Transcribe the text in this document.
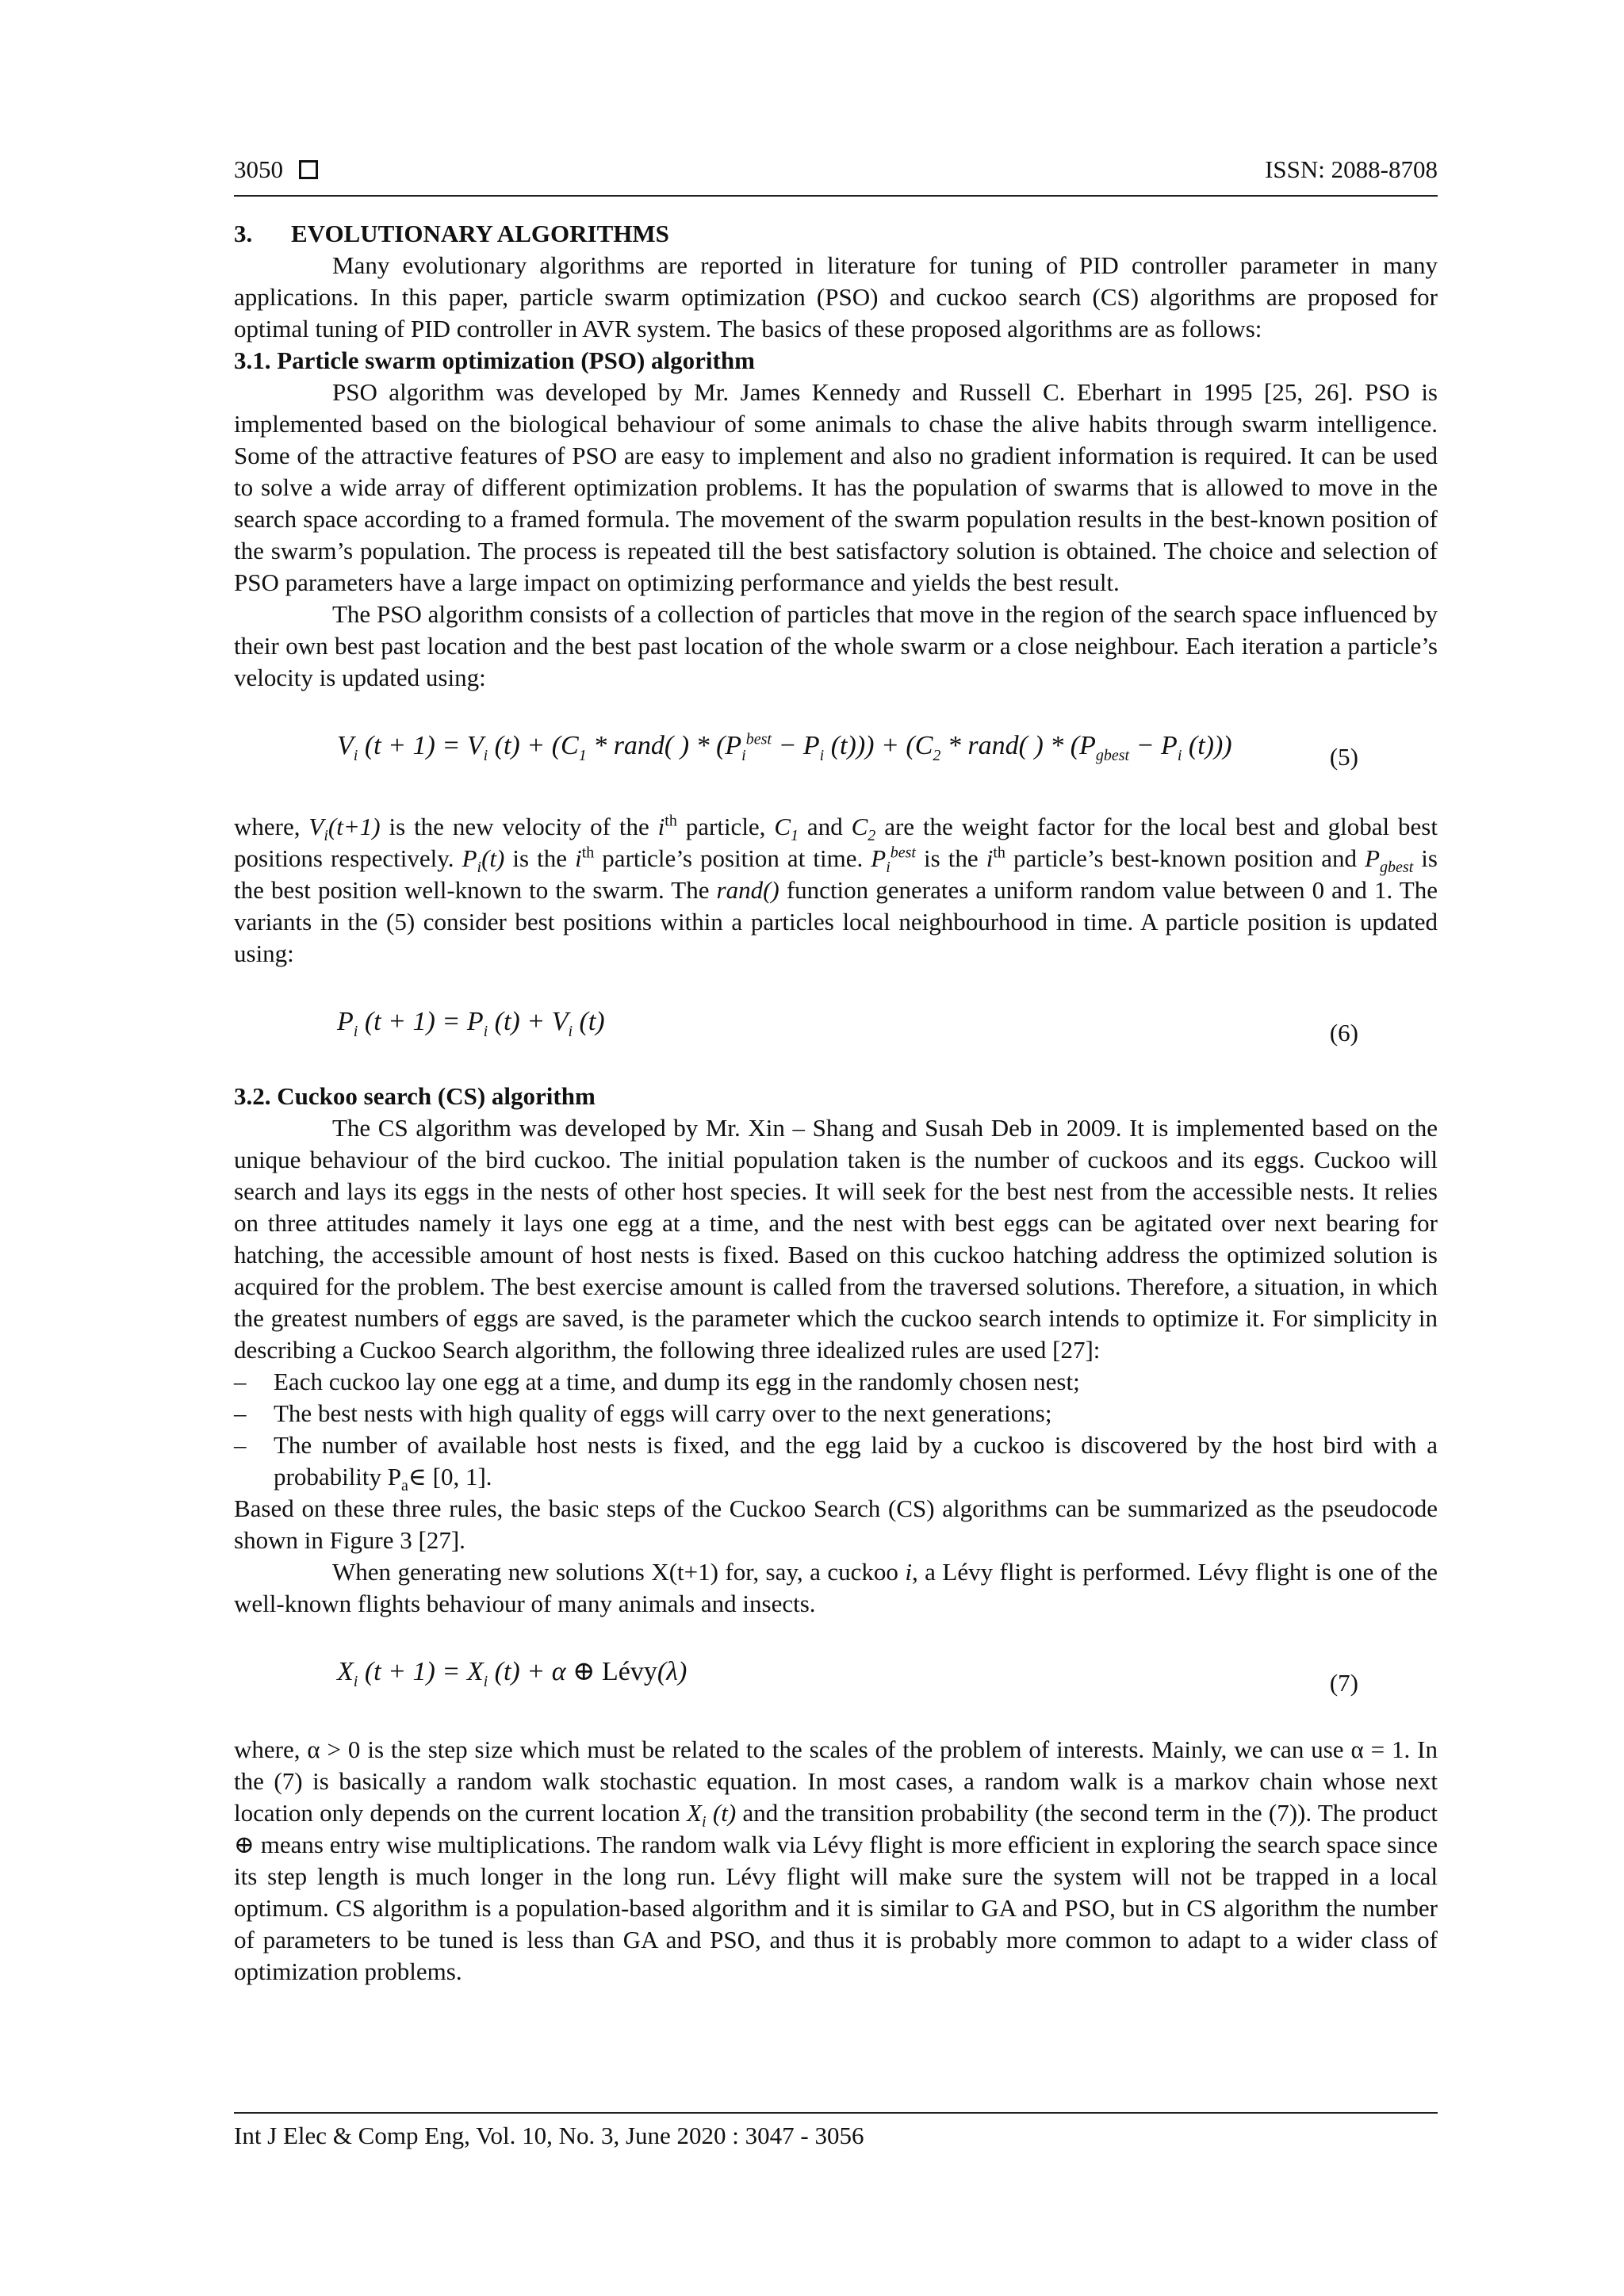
3050	ISSN: 2088-8708

3. EVOLUTIONARY ALGORITHMS

Many evolutionary algorithms are reported in literature for tuning of PID controller parameter in many applications. In this paper, particle swarm optimization (PSO) and cuckoo search (CS) algorithms are proposed for optimal tuning of PID controller in AVR system. The basics of these proposed algorithms are as follows:

3.1. Particle swarm optimization (PSO) algorithm

PSO algorithm was developed by Mr. James Kennedy and Russell C. Eberhart in 1995 [25, 26]. PSO is implemented based on the biological behaviour of some animals to chase the alive habits through swarm intelligence. Some of the attractive features of PSO are easy to implement and also no gradient information is required. It can be used to solve a wide array of different optimization problems. It has the population of swarms that is allowed to move in the search space according to a framed formula. The movement of the swarm population results in the best-known position of the swarm’s population. The process is repeated till the best satisfactory solution is obtained. The choice and selection of PSO parameters have a large impact on optimizing performance and yields the best result.

The PSO algorithm consists of a collection of particles that move in the region of the search space influenced by their own best past location and the best past location of the whole swarm or a close neighbour. Each iteration a particle’s velocity is updated using:

$V_i$ $(t + 1) = V_i$ $(t) + (C_1$ * rand( ) * ($P_i^{best} - P_i$ $(t))) + (C_2$ * rand( ) * ($P_{gbest} - P_i$ (t)))	(5)

where, $V_i(t+1)$ is the new velocity of the $i^{th}$ particle, $C_1$ and $C_2$ are the weight factor for the local best and global best positions respectively. $P_i(t)$ is the $i^{th}$ particle’s position at time. $P_i^{best}$ is the $i^{th}$ particle’s best-known position and $P_{gbest}$ is the best position well-known to the swarm. The rand() function generates a uniform random value between 0 and 1. The variants in the (5) consider best positions within a particles local neighbourhood in time. A particle position is updated using:

$P_i$ $(t + 1) = P_i$ $(t) + V_i$ (t)	(6)

3.2. Cuckoo search (CS) algorithm

The CS algorithm was developed by Mr. Xin – Shang and Susah Deb in 2009. It is implemented based on the unique behaviour of the bird cuckoo. The initial population taken is the number of cuckoos and its eggs. Cuckoo will search and lays its eggs in the nests of other host species. It will seek for the best nest from the accessible nests. It relies on three attitudes namely it lays one egg at a time, and the nest with best eggs can be agitated over next bearing for hatching, the accessible amount of host nests is fixed. Based on this cuckoo hatching address the optimized solution is acquired for the problem. The best exercise amount is called from the traversed solutions. Therefore, a situation, in which the greatest numbers of eggs are saved, is the parameter which the cuckoo search intends to optimize it. For simplicity in describing a Cuckoo Search algorithm, the following three idealized rules are used [27]:

– Each cuckoo lay one egg at a time, and dump its egg in the randomly chosen nest;
– The best nests with high quality of eggs will carry over to the next generations;
– The number of available host nests is fixed, and the egg laid by a cuckoo is discovered by the host bird with a probability $P_a\in$ [0, 1].

Based on these three rules, the basic steps of the Cuckoo Search (CS) algorithms can be summarized as the pseudocode shown in Figure 3 [27].

When generating new solutions X(t+1) for, say, a cuckoo i, a Lévy flight is performed. Lévy flight is one of the well-known flights behaviour of many animals and insects.

$X_i$ $(t + 1) = X_i$ (t) + α ⊕ Lévy(λ)	(7)

where, α > 0 is the step size which must be related to the scales of the problem of interests. Mainly, we can use α = 1. In the (7) is basically a random walk stochastic equation. In most cases, a random walk is a markov chain whose next location only depends on the current location $X_i$ (t) and the transition probability (the second term in the (7)). The product ⊕ means entry wise multiplications. The random walk via Lévy flight is more efficient in exploring the search space since its step length is much longer in the long run. Lévy flight will make sure the system will not be trapped in a local optimum. CS algorithm is a population-based algorithm and it is similar to GA and PSO, but in CS algorithm the number of parameters to be tuned is less than GA and PSO, and thus it is probably more common to adapt to a wider class of optimization problems.

Int J Elec & Comp Eng, Vol. 10, No. 3, June 2020 : 3047 - 3056
